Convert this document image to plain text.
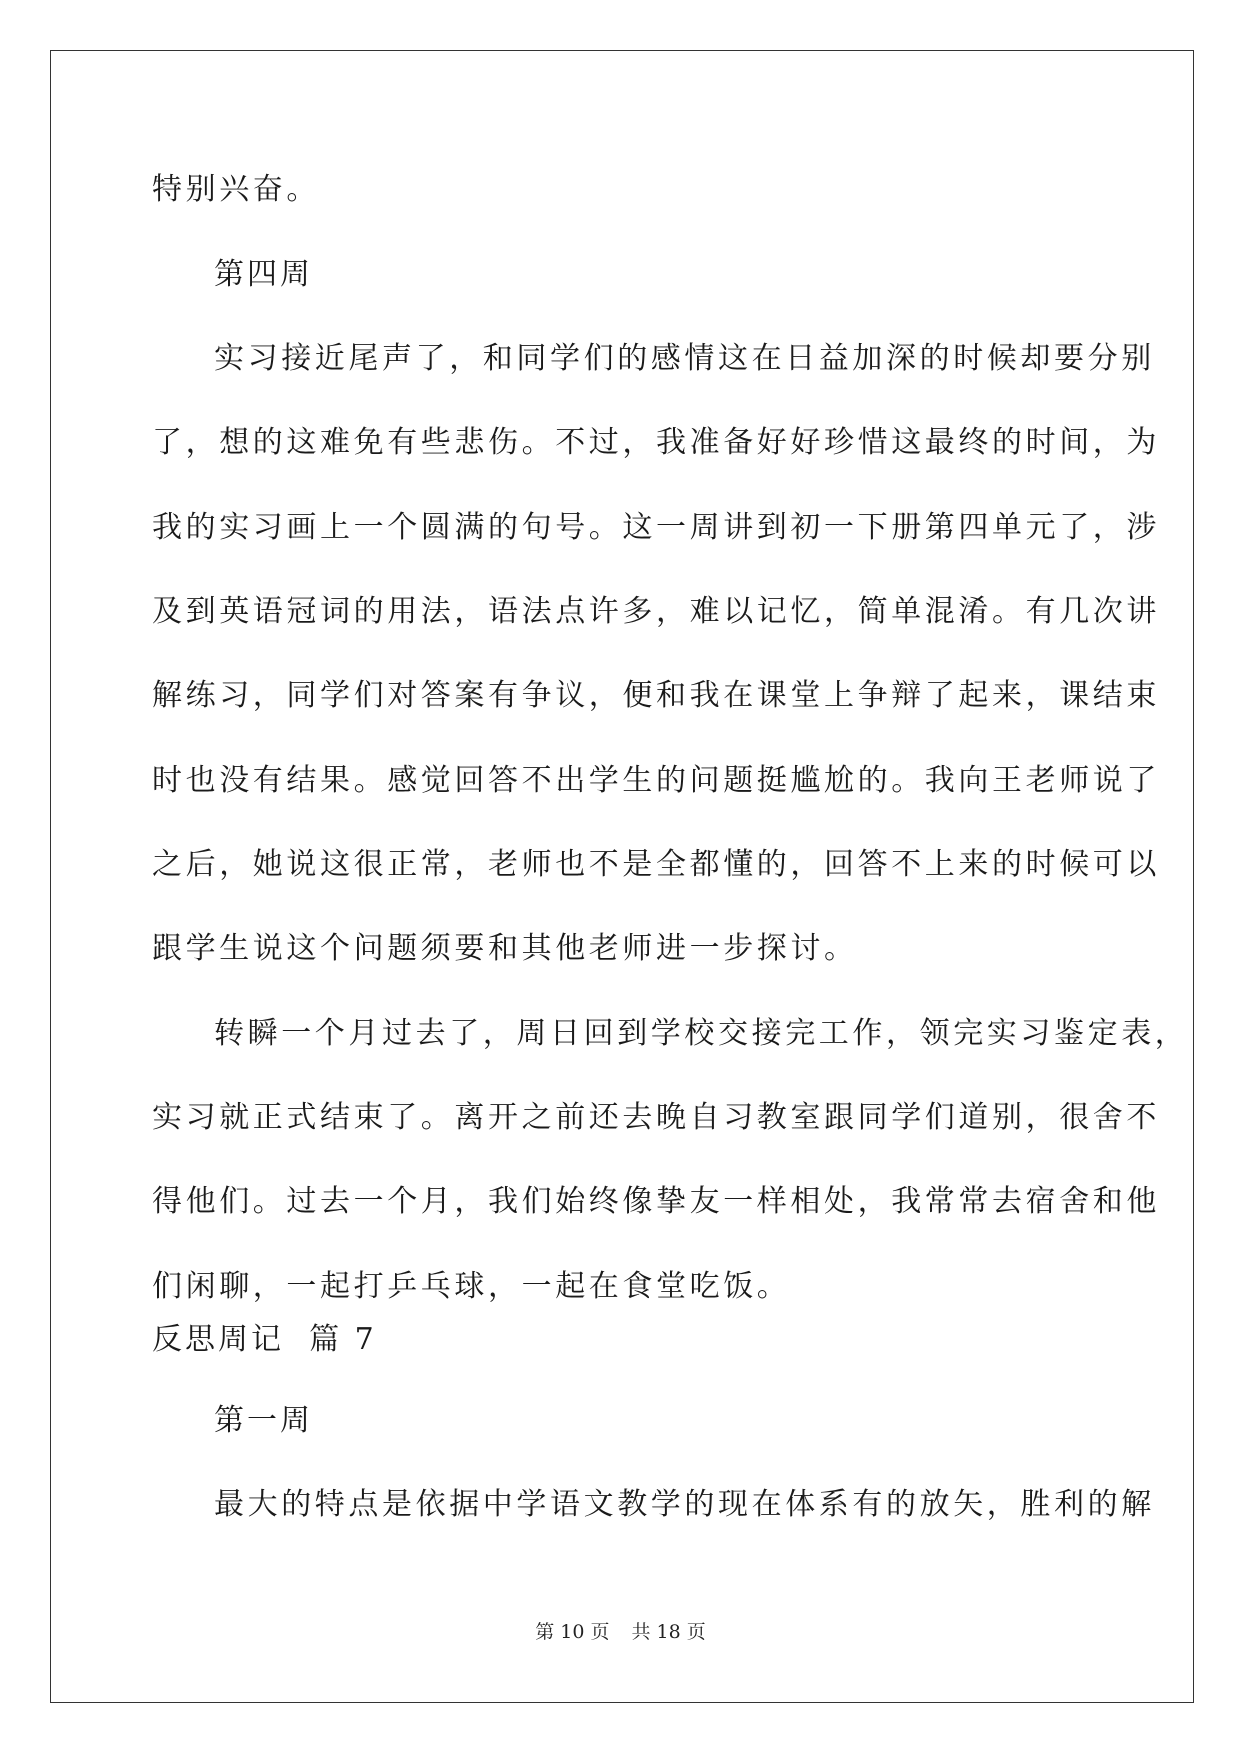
特别兴奋。
第四周
实习接近尾声了，和同学们的感情这在日益加深的时候却要分别
了，想的这难免有些悲伤。不过，我准备好好珍惜这最终的时间，为
我的实习画上一个圆满的句号。这一周讲到初一下册第四单元了，涉
及到英语冠词的用法，语法点许多，难以记忆，简单混淆。有几次讲
解练习，同学们对答案有争议，便和我在课堂上争辩了起来，课结束
时也没有结果。感觉回答不出学生的问题挺尴尬的。我向王老师说了
之后，她说这很正常，老师也不是全都懂的，回答不上来的时候可以
跟学生说这个问题须要和其他老师进一步探讨。
转瞬一个月过去了，周日回到学校交接完工作，领完实习鉴定表，
实习就正式结束了。离开之前还去晚自习教室跟同学们道别，很舍不
得他们。过去一个月，我们始终像挚友一样相处，我常常去宿舍和他
们闲聊，一起打乒乓球，一起在食堂吃饭。
反思周记  篇 7
第一周
最大的特点是依据中学语文教学的现在体系有的放矢，胜利的解
第 10 页 共 18 页
